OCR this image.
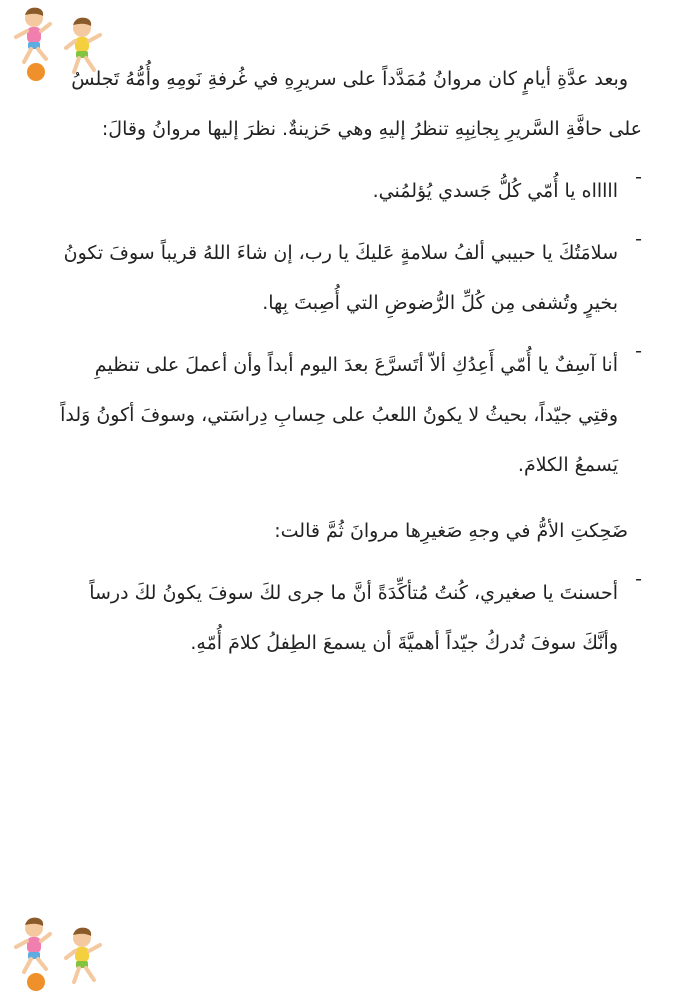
وبعد عدَّةِ أيامٍ كان مروانُ مُمَدَّداً على سريرِهِ في غُرفةِ نَومِهِ وأُمُّهُ تَجلسُ

على حافَّةِ السَّريرِ بِجانِبِهِ تنظرُ إليهِ وهي حَزينةٌ. نظرَ إليها مروانُ وقالَ:

-

اااااه يا أُمّي كُلُّ جَسدي يُؤلمُني.

-

سلامَتُكَ يا حبيبي ألفُ سلامةٍ عَليكَ يا رب، إن شاءَ اللهُ قريباً سوفَ تكونُ بخيرٍ وتُشفى مِن كُلِّ الرُّضوضِ التي أُصِبتَ بِها.

-

أنا آسِفٌ يا أُمّي أَعِدُكِ ألاّ أتَسرَّعَ بعدَ اليوم أبداً وأن أعملَ على تنظيمِ وقتِي جيّداً، بحيثُ لا يكونُ اللعبُ على حِسابِ دِراسَتي، وسوفَ أكونُ وَلداً يَسمعُ الكلامَ.

ضَحِكتِ الأمُّ في وجهِ صَغيرِها مروانَ ثُمَّ قالت:

-

أحسنتَ يا صغيري، كُنتُ مُتأكِّدَةً أنَّ ما جرى لكَ سوفَ يكونُ لكَ درساً وأنَّكَ سوفَ تُدركُ جيّداً أهميَّةَ أن يسمعَ الطِفلُ كلامَ أُمّهِ.
